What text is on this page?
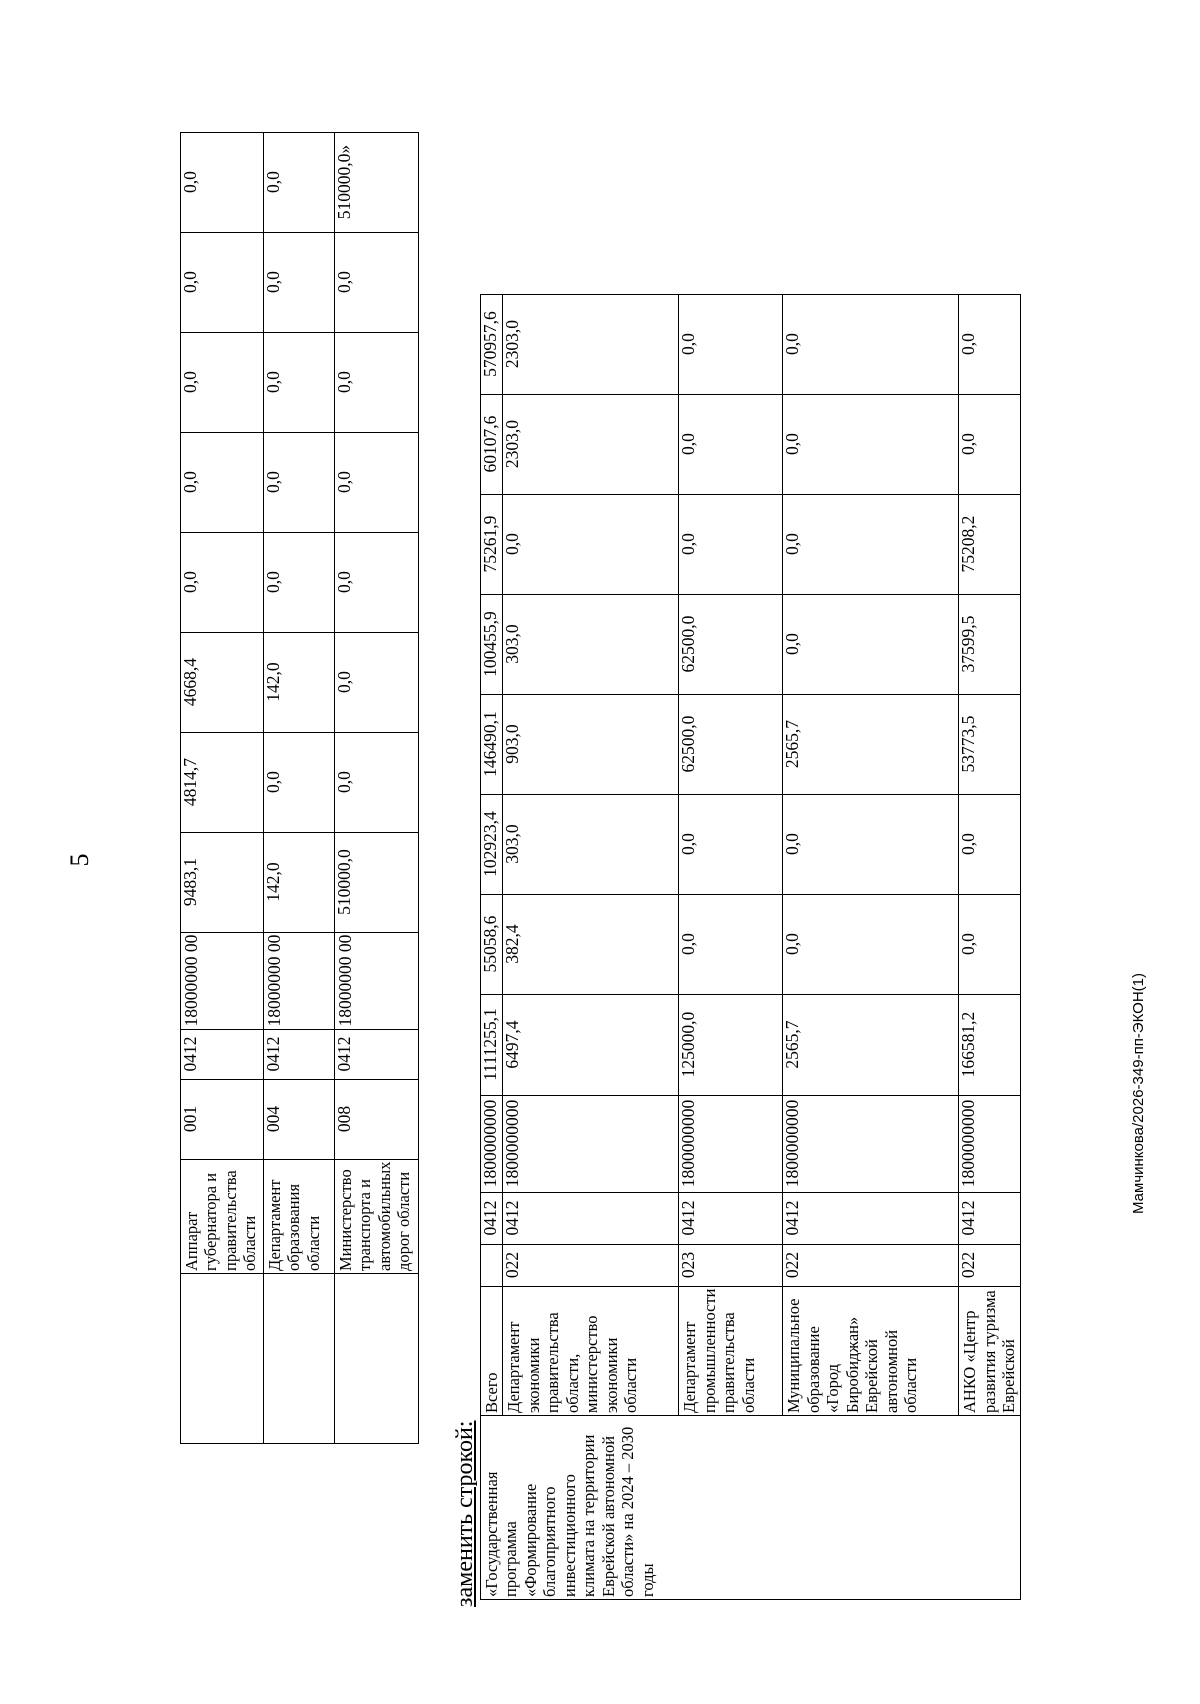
5
	Аппарат губернатора и правительства области	001	0412	18000000 00	9483,1	4814,7	4668,4	0,0	0,0	0,0	0,0	0,0
	Департамент образования области	004	0412	18000000 00	142,0	0,0	142,0	0,0	0,0	0,0	0,0	0,0
	Министерство транспорта и автомобильных дорог области	008	0412	18000000 00	510000,0	0,0	0,0	0,0	0,0	0,0	0,0	510000,0»
заменить строкой: «Государственная программа «Формирование благоприятного инвестиционного климата на территории Еврейской автономной области» на 2024 – 2030 годы	Всего		0412	1800000000	1111255,1	55058,6	102923,4	146490,1	100455,9	75261,9	60107,6	570957,6
	Департамент экономики правительства области, министерство экономики области	022	0412	1800000000	6497,4	382,4	303,0	903,0	303,0	0,0	2303,0	2303,0
	Департамент промышленности правительства области	023	0412	1800000000	125000,0	0,0	0,0	62500,0	62500,0	0,0	0,0	0,0
	Муниципальное образование «Город Биробиджан» Еврейской автономной области	022	0412	1800000000	2565,7	0,0	0,0	2565,7	0,0	0,0	0,0	0,0
	АНКО «Центр развития туризма Еврейской	022	0412	1800000000	166581,2	0,0	0,0	53773,5	37599,5	75208,2	0,0	0,0
Мамчинкова/2026-349-пп-ЭКОН(1)
